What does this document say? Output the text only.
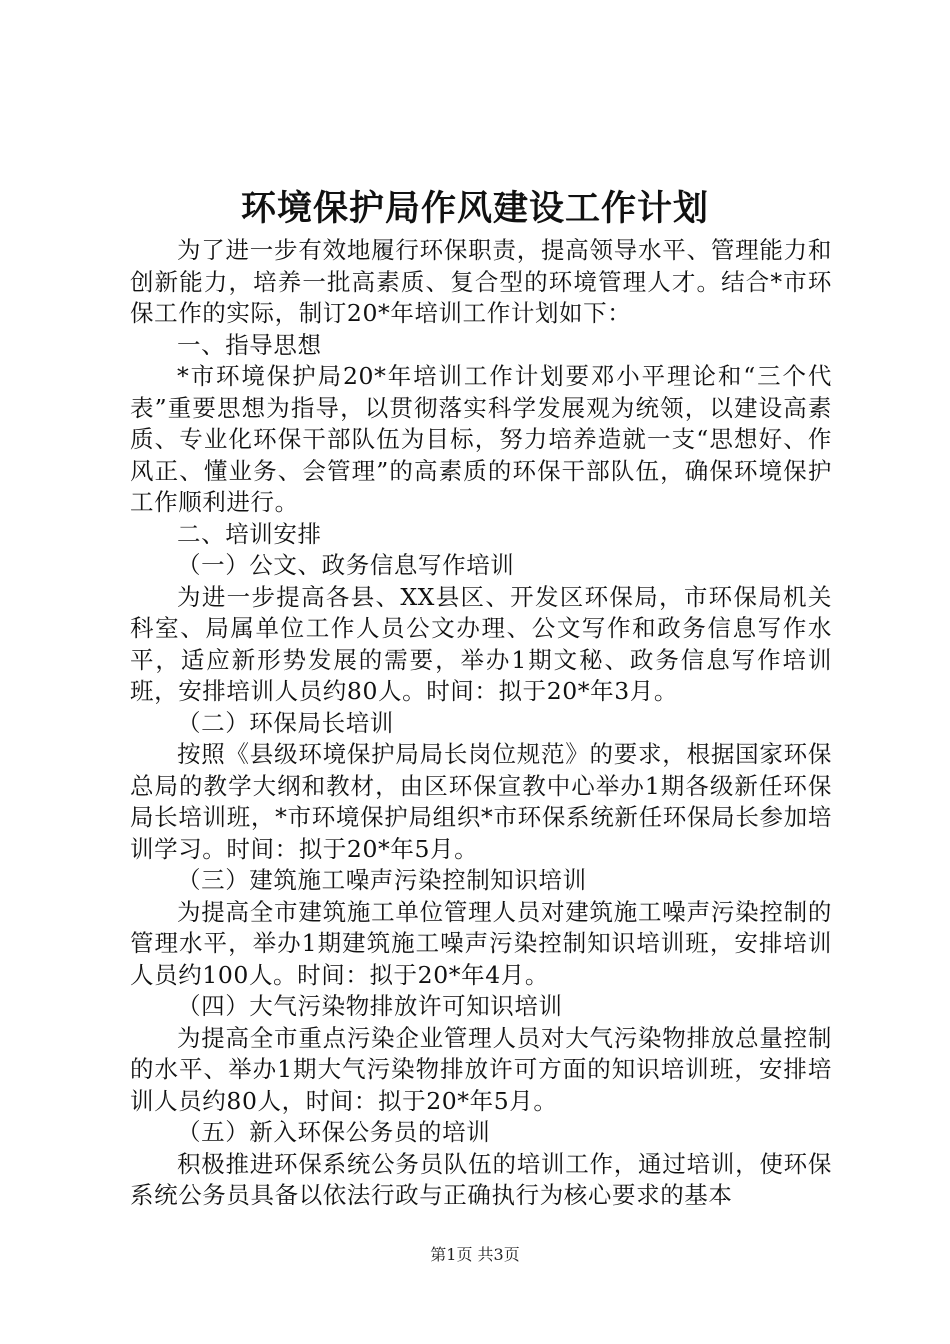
环境保护局作风建设工作计划

为了进一步有效地履行环保职责，提高领导水平、管理能力和创新能力，培养一批高素质、复合型的环境管理人才。结合*市环保工作的实际，制订20*年培训工作计划如下：

一、指导思想

*市环境保护局20*年培训工作计划要邓小平理论和“三个代表”重要思想为指导，以贯彻落实科学发展观为统领，以建设高素质、专业化环保干部队伍为目标，努力培养造就一支“思想好、作风正、懂业务、会管理”的高素质的环保干部队伍，确保环境保护工作顺利进行。

二、培训安排

（一）公文、政务信息写作培训

为进一步提高各县、XX县区、开发区环保局，市环保局机关科室、局属单位工作人员公文办理、公文写作和政务信息写作水平，适应新形势发展的需要，举办1期文秘、政务信息写作培训班，安排培训人员约80人。时间：拟于20*年3月。

（二）环保局长培训

按照《县级环境保护局局长岗位规范》的要求，根据国家环保总局的教学大纲和教材，由区环保宣教中心举办1期各级新任环保局长培训班，*市环境保护局组织*市环保系统新任环保局长参加培训学习。时间：拟于20*年5月。

（三）建筑施工噪声污染控制知识培训

为提高全市建筑施工单位管理人员对建筑施工噪声污染控制的管理水平，举办1期建筑施工噪声污染控制知识培训班，安排培训人员约100人。时间：拟于20*年4月。

（四）大气污染物排放许可知识培训

为提高全市重点污染企业管理人员对大气污染物排放总量控制的水平、举办1期大气污染物排放许可方面的知识培训班，安排培训人员约80人，时间：拟于20*年5月。

（五）新入环保公务员的培训

积极推进环保系统公务员队伍的培训工作，通过培训，使环保系统公务员具备以依法行政与正确执行为核心要求的基本

第1页 共3页
